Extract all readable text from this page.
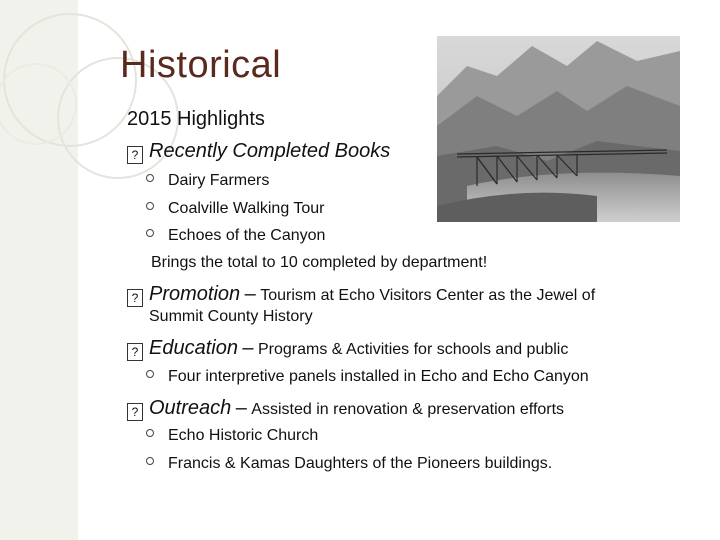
Historical
2015 Highlights
? Recently Completed Books
Dairy Farmers
Coalville Walking Tour
Echoes of the Canyon
Brings the total to 10 completed by department!
? Promotion – Tourism at Echo Visitors Center as the Jewel of
Summit County History
? Education – Programs & Activities for schools and public
Four interpretive panels installed in Echo and Echo Canyon
? Outreach – Assisted in renovation & preservation efforts
Echo Historic Church
Francis & Kamas Daughters of the Pioneers buildings.
